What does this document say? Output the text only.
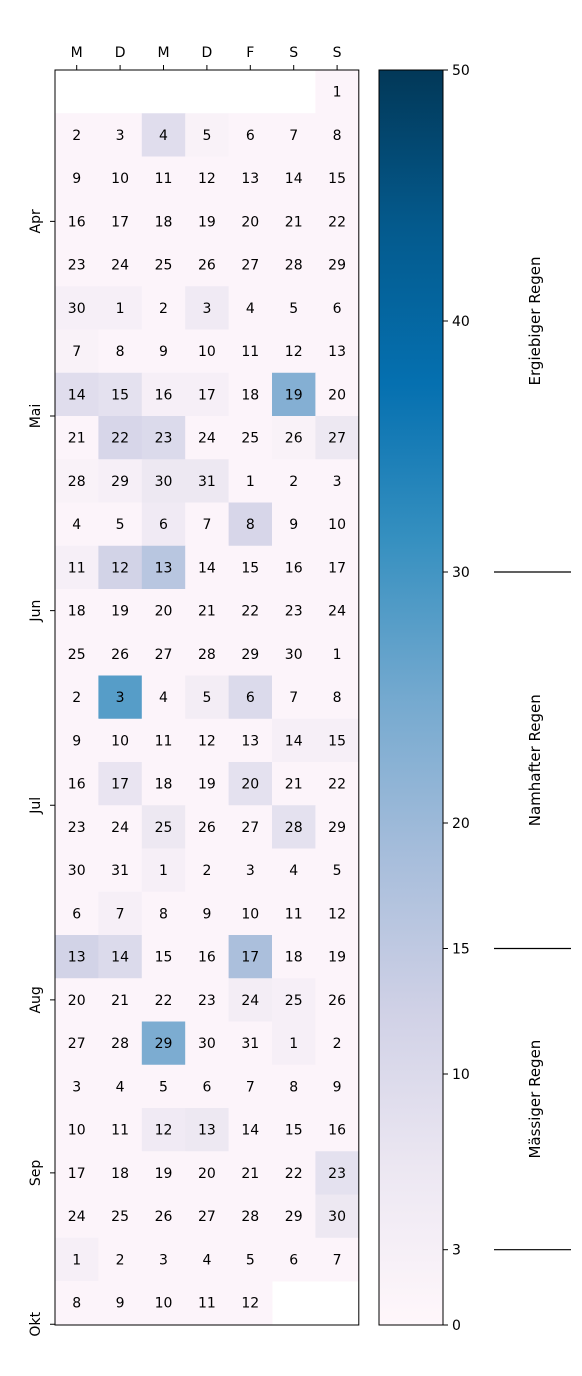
1
2 3 4 5 6 7 8
9 10 11 12 13 14 15
16 17 18 19 20 21 22
23 24 25 26 27 28 29
30 1 2 3 4 5 6
7 8 9 10 11 12 13
14 15 16 17 18 19 20
21 22 23 24 25 26 27
28 29 30 31 1 2 3
4 5 6 7 8 9 10
11 12 13 14 15 16 17
18 19 20 21 22 23 24
25 26 27 28 29 30 1
2 3 4 5 6 7 8
9 10 11 12 13 14 15
16 17 18 19 20 21 22
23 24 25 26 27 28 29
30 31 1 2 3 4 5
6 7 8 9 10 11 12
13 14 15 16 17 18 19
20 21 22 23 24 25 26
27 28 29 30 31 1 2
3 4 5 6 7 8 9
10 11 12 13 14 15 16
17 18 19 20 21 22 23
24 25 26 27 28 29 30
1 2 3 4 5 6 7
8 9 10 11 12
M D M D F S S
Apr
Mai
Jun
Jul
Aug
Sep
Okt	0
3
10
15
20
30
40
50
Mässiger Regen
Namhafter Regen
Ergiebiger Regen
